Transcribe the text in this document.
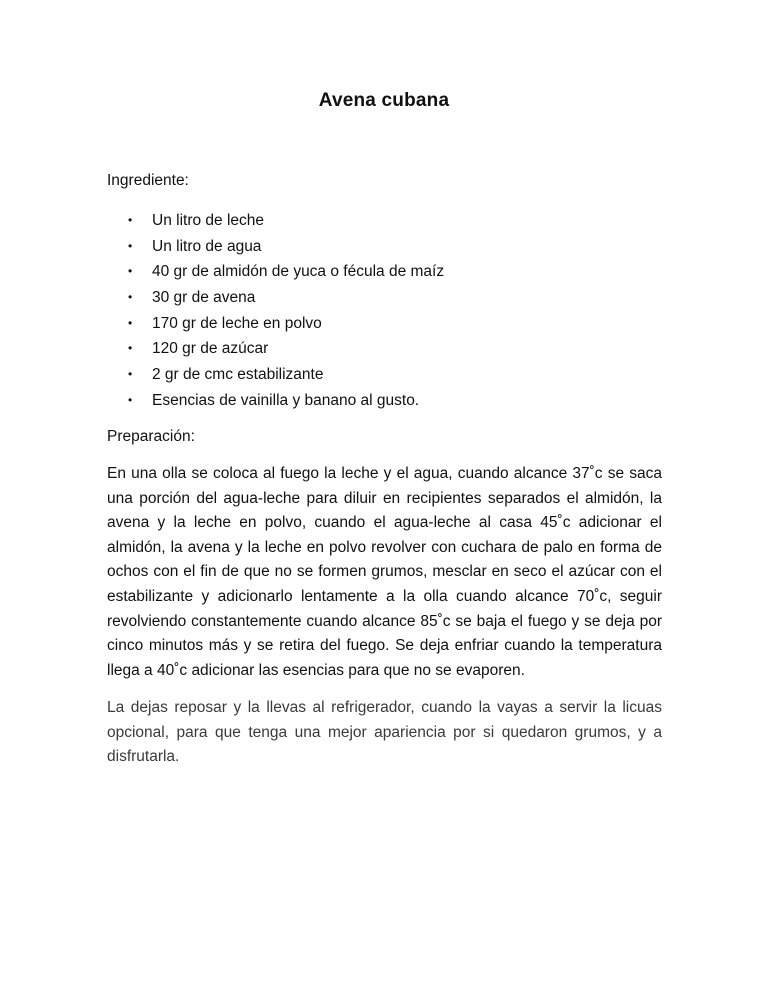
Avena cubana
Ingrediente:
•	Un litro de leche
•	Un litro de agua
•	40 gr de almidón de yuca o fécula de maíz
•	30 gr de avena
•	170 gr de leche en polvo
•	120 gr de azúcar
•	2 gr de cmc estabilizante
•	Esencias de vainilla y banano al gusto.
Preparación:

En una olla se coloca al fuego la leche y el agua, cuando alcance 37˚c se saca una porción del agua-leche para diluir en recipientes separados el almidón, la avena y la leche en polvo, cuando el agua-leche al casa 45˚c adicionar el almidón, la avena y la leche en polvo revolver con cuchara de palo en forma de ochos con el fin de que no se formen grumos, mesclar en seco el azúcar con el estabilizante y adicionarlo lentamente a la olla cuando alcance 70˚c, seguir revolviendo constantemente cuando alcance 85˚c se baja el fuego y se deja por cinco minutos más y se retira del fuego. Se deja enfriar cuando la temperatura llega a 40˚c adicionar las esencias para que no se evaporen.

La dejas reposar y la llevas al refrigerador, cuando la vayas a servir la licuas opcional, para que tenga una mejor apariencia por si quedaron grumos, y a disfrutarla.
